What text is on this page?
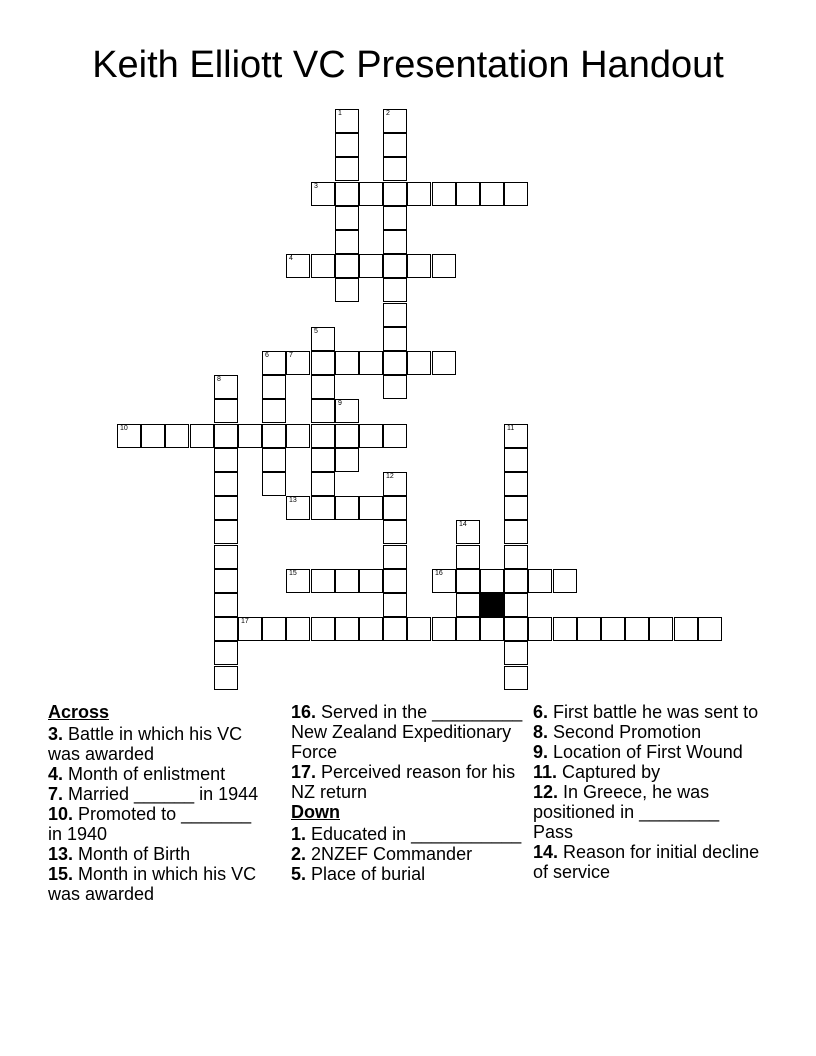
Keith Elliott VC Presentation Handout
1	2
3
4
5
6	7
8
9
10	11
12
13
14
15	16
17
Across
3. Battle in which his VC was awarded
4. Month of enlistment
7. Married ______ in 1944
10. Promoted to _______ in 1940
13. Month of Birth
15. Month in which his VC was awarded
16. Served in the _________ New Zealand Expeditionary Force
17. Perceived reason for his NZ return
Down
1. Educated in ___________
2. 2NZEF Commander
5. Place of burial
6. First battle he was sent to
8. Second Promotion
9. Location of First Wound
11. Captured by
12. In Greece, he was positioned in ________ Pass
14. Reason for initial decline of service
